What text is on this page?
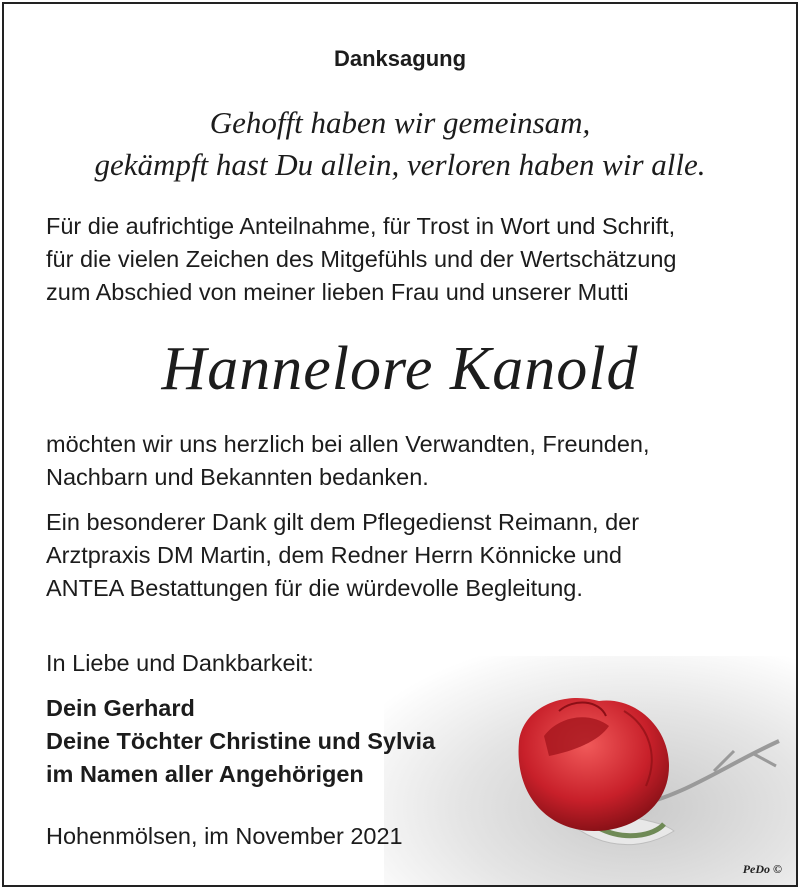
Danksagung
Gehofft haben wir gemeinsam,
gekämpft hast Du allein, verloren haben wir alle.
Für die aufrichtige Anteilnahme, für Trost in Wort und Schrift,
für die vielen Zeichen des Mitgefühls und der Wertschätzung
zum Abschied von meiner lieben Frau und unserer Mutti
Hannelore Kanold
möchten wir uns herzlich bei allen Verwandten, Freunden,
Nachbarn und Bekannten bedanken.
Ein besonderer Dank gilt dem Pflegedienst Reimann, der
Arztpraxis DM Martin, dem Redner Herrn Könnicke und
ANTEA Bestattungen für die würdevolle Begleitung.
In Liebe und Dankbarkeit:
Dein Gerhard
Deine Töchter Christine und Sylvia
im Namen aller Angehörigen
Hohenmölsen, im November 2021
PeDo ©
